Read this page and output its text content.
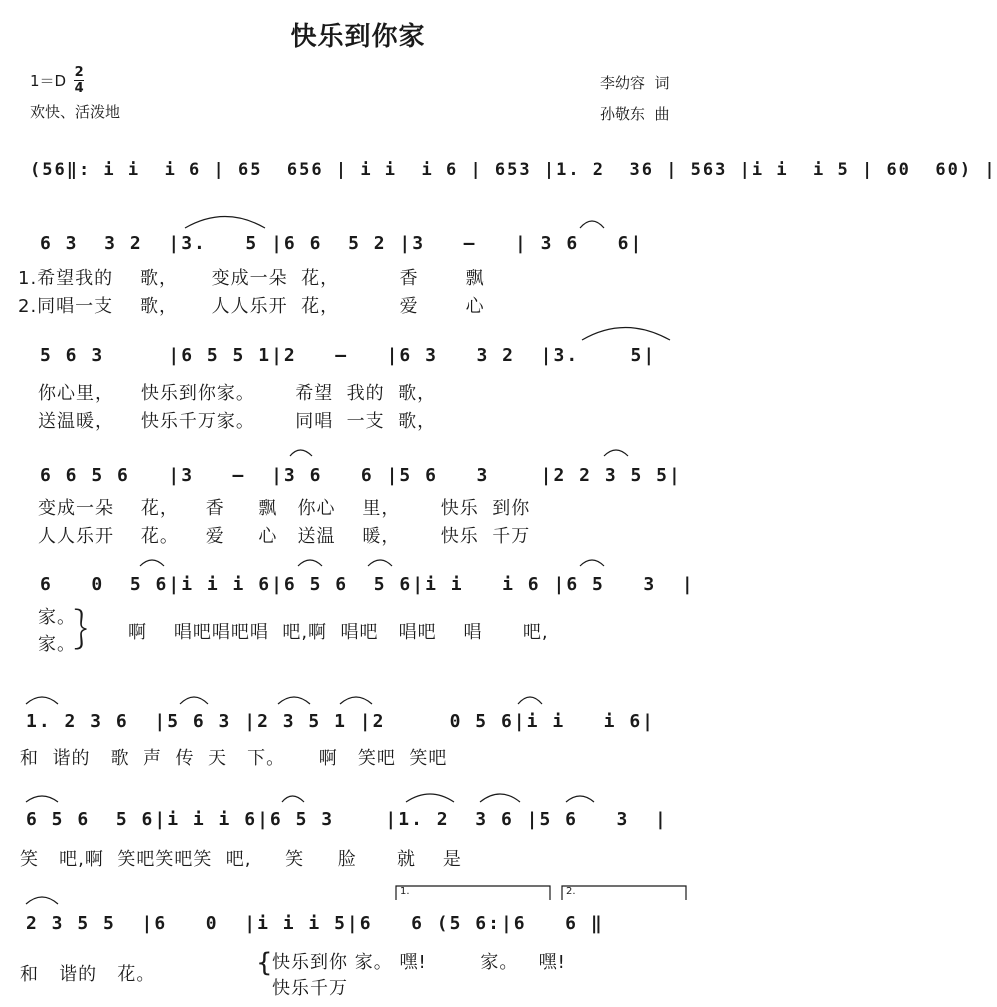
快乐到你家
$1=D \frac{2}{4}$
欢快、活泼地
李幼容  词
孙敬东  曲
(56‖: i i  i 6 | 65  656 | i i  i 6 | 653 |1. 2  36 | 563 |i i  i 5 | 60  60) |
6 3  3 2  |3.   5 |6 6  5 2 |3   –   | 3 6   6|
1.希望我的    歌，     变成一朵  花，         香       飘
2.同唱一支    歌，     人人乐开  花，         爱       心
5 6 3     |6 5 5 1|2   –   |6 3   3 2  |3.    5|
你心里，    快乐到你家。      希望  我的  歌，
送温暖，    快乐千万家。      同唱  一支  歌，
6 6 5 6   |3   –  |3 6   6 |5 6   3    |2 2 3 5 5|
变成一朵    花，    香     飘   你心    里，      快乐  到你
人人乐开    花。    爱     心   送温    暖，      快乐  千万
6   0  5 6|i i i 6|6 5 6  5 6|i i   i 6 |6 5   3  |
家。
家。
｝ 啊    唱吧唱吧唱  吧,啊  唱吧   唱吧    唱      吧,
1. 2 3 6  |5 6 3 |2 3 5 1 |2     0 5 6|i i   i 6|
和  谐的   歌  声  传  天   下。     啊   笑吧  笑吧
6 5 6  5 6|i i i 6|6 5 3    |1. 2  3 6 |5 6   3  |
笑   吧,啊  笑吧笑吧笑  吧,     笑     脸      就    是
2 3 5 5  |6   0  |i i i 5|6   6 (5 6:|6   6 ‖
和   谐的   花。	{
快乐到你 家。 嘿!        家。   嘿!
快乐千万
1.	2.
